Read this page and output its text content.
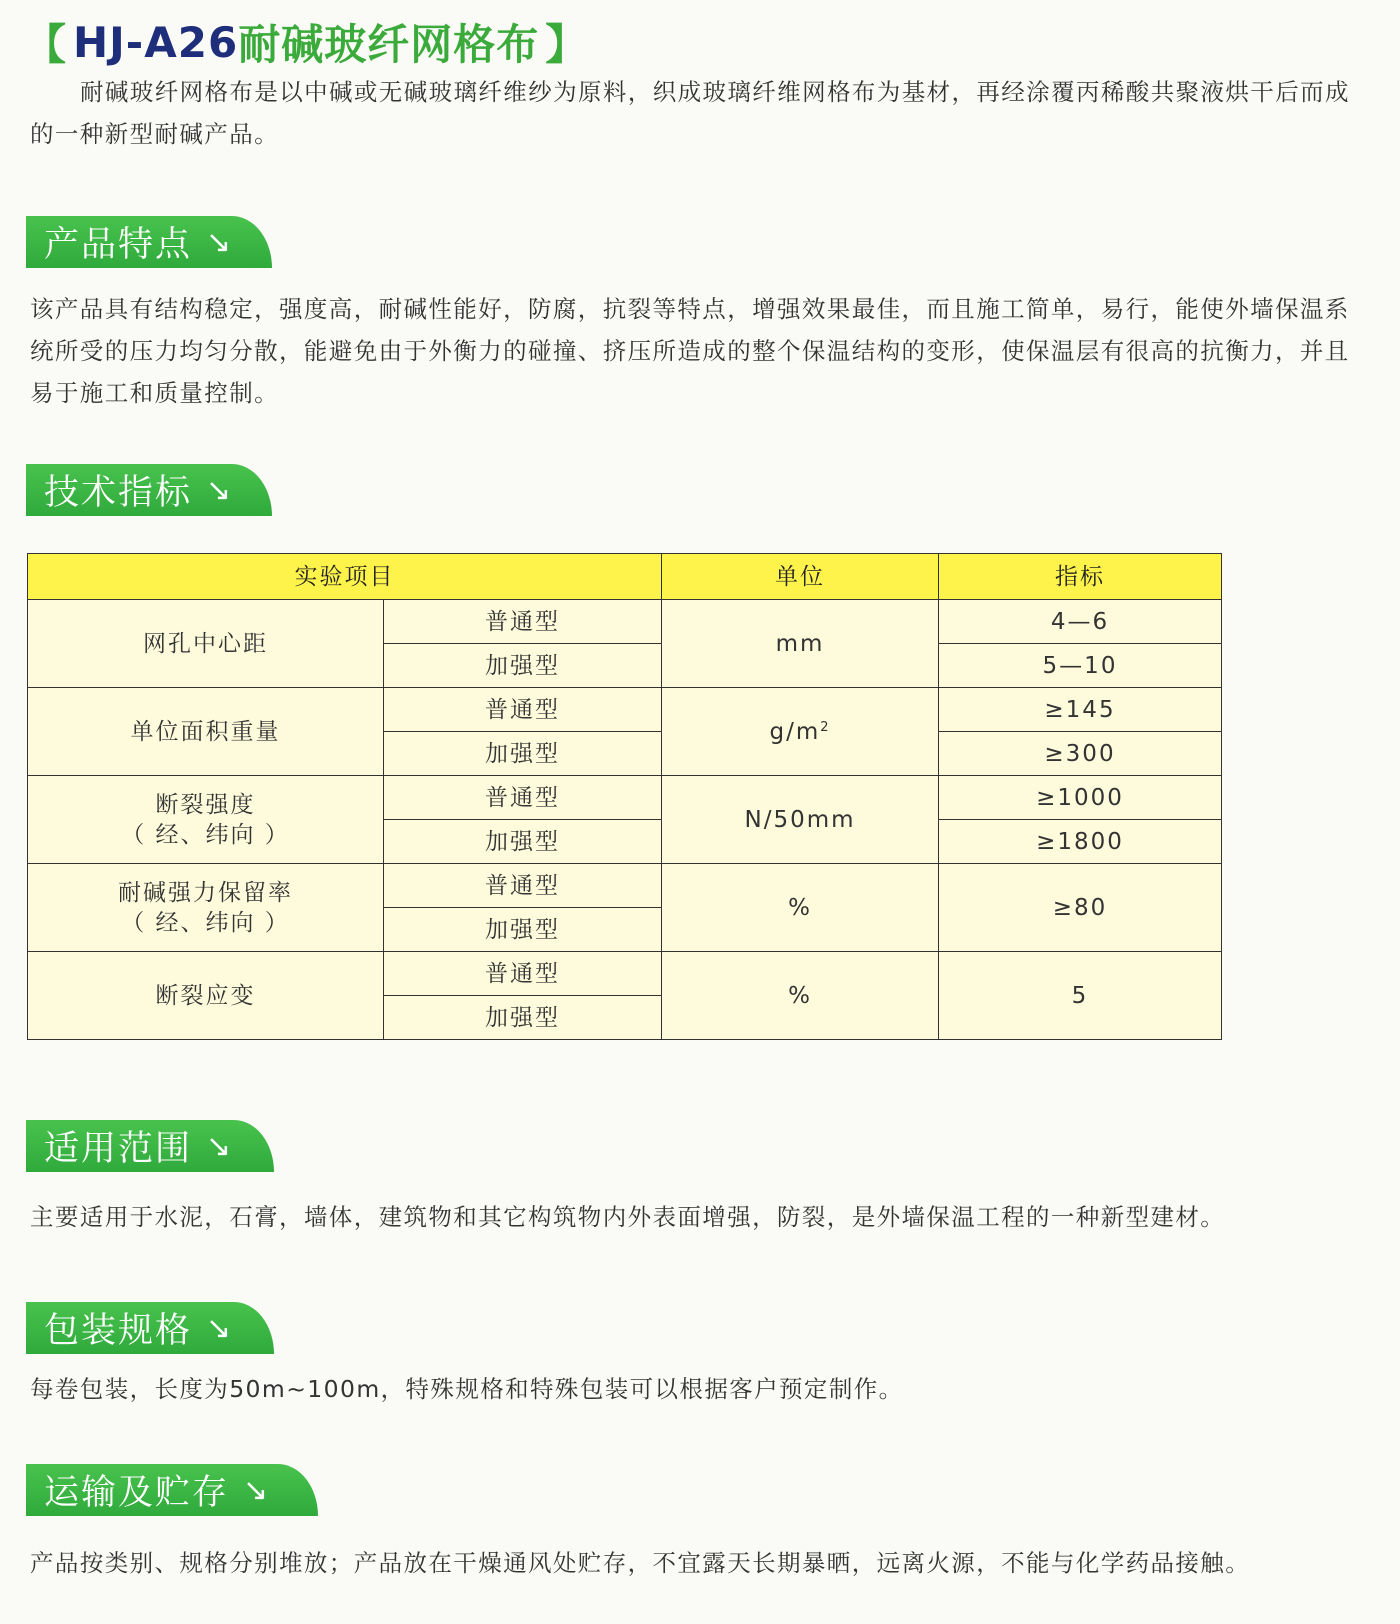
【 HJ-A26 耐碱玻纤网格布 】
耐碱玻纤网格布是以中碱或无碱玻璃纤维纱为原料，织成玻璃纤维网格布为基材，再经涂覆丙稀酸共聚液烘干后而成的一种新型耐碱产品。
产品特点 ↘
该产品具有结构稳定，强度高，耐碱性能好，防腐，抗裂等特点，增强效果最佳，而且施工简单，易行，能使外墙保温系统所受的压力均匀分散，能避免由于外衡力的碰撞、挤压所造成的整个保温结构的变形，使保温层有很高的抗衡力，并且易于施工和质量控制。
技术指标 ↘
实验项目		单位	指标
网孔中心距	普通型	mm	4—6
	加强型		5—10
单位面积重量	普通型	$g/m^2$	≥145
	加强型		≥300
断裂强度
（ 经、纬向 ）	普通型	N/50mm	≥1000
	加强型		≥1800
耐碱强力保留率
（ 经、纬向 ）	普通型	%	≥80
	加强型		
断裂应变	普通型	%	5
	加强型		
适用范围 ↘
主要适用于水泥，石膏，墙体，建筑物和其它构筑物内外表面增强，防裂，是外墙保温工程的一种新型建材。
包装规格 ↘
每卷包装，长度为50m~100m，特殊规格和特殊包装可以根据客户预定制作。
运输及贮存 ↘
产品按类别、规格分别堆放；产品放在干燥通风处贮存，不宜露天长期暴晒，远离火源，不能与化学药品接触。
